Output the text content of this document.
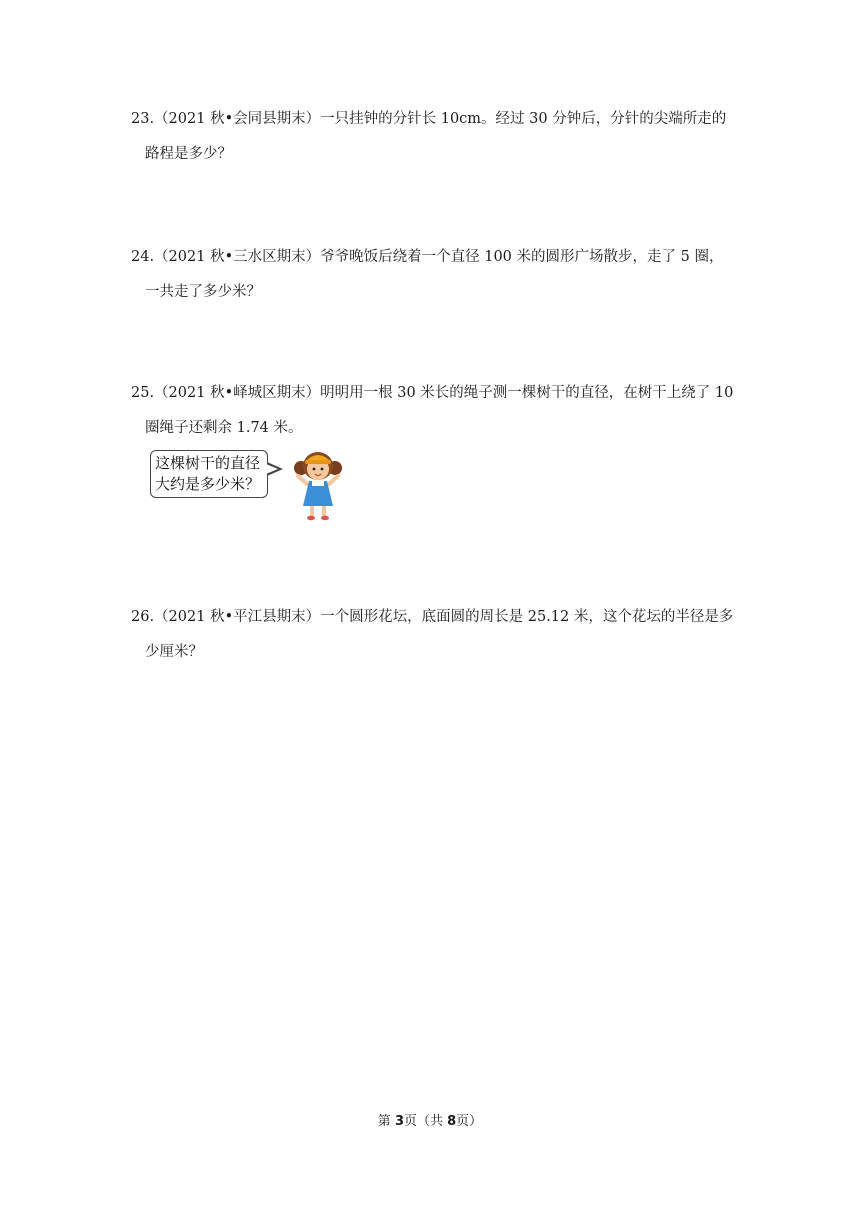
23.（2021 秋•会同县期末）一只挂钟的分针长 10cm。经过 30 分钟后，分针的尖端所走的
路程是多少？
24.（2021 秋•三水区期末）爷爷晚饭后绕着一个直径 100 米的圆形广场散步，走了 5 圈，
一共走了多少米？
25.（2021 秋•峄城区期末）明明用一根 30 米长的绳子测一棵树干的直径，在树干上绕了 10
圈绳子还剩余 1.74 米。
这棵树干的直径
大约是多少米？
26.（2021 秋•平江县期末）一个圆形花坛，底面圆的周长是 25.12 米，这个花坛的半径是多
少厘米？
第 3页（共 8页）
